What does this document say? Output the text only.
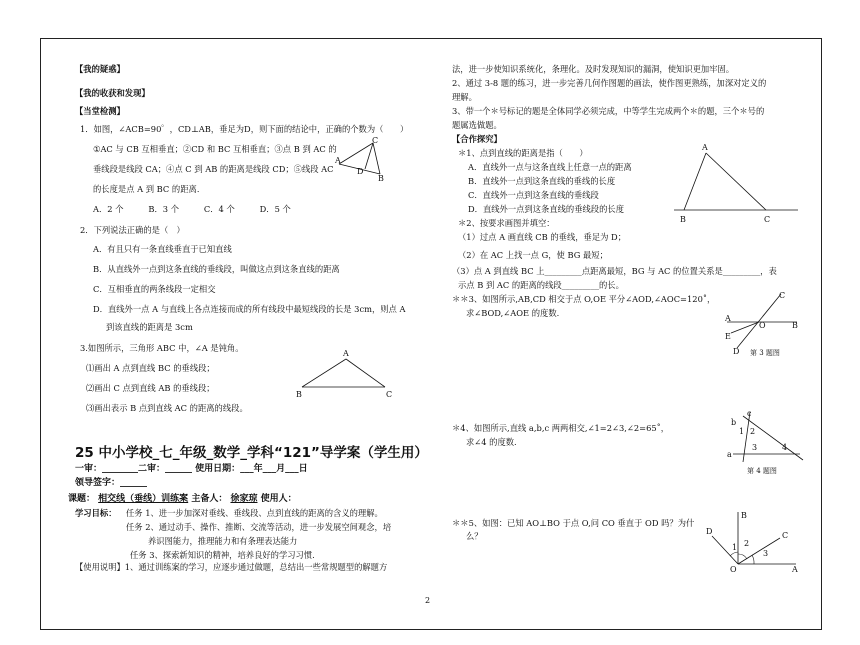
【我的疑惑】
【我的收获和发现】
【当堂检测】
1．如图，∠ACB=90゜，CD⊥AB，垂足为D，则下面的结论中，正确的个数为（　　）
①AC 与 CB 互相垂直；②CD 和 BC 互相垂直；③点 B 到 AC 的
垂线段是线段 CA；④点 C 到 AB 的距离是线段 CD；⑤线段 AC
的长度是点 A 到 BC 的距离．
A．2 个　　　B．3 个　　　C．4 个　　　D．5 个
A
C
D
B
2．下列说法正确的是（　）
A．有且只有一条直线垂直于已知直线
B．从直线外一点到这条直线的垂线段，叫做这点到这条直线的距离
C．互相垂直的两条线段一定相交
D．直线外一点 A 与直线上各点连接而成的所有线段中最短线段的长是 3cm，则点 A
到该直线的距离是 3cm
3.如图所示，三角形 ABC 中，∠A 是钝角。
⑴画出 A 点到直线 BC 的垂线段；
⑵画出 C 点到直线 AB 的垂线段；
⑶画出表示 B 点到直线 AC 的距离的线段。
A
B	C
25 中小学校_七_年级_数学_学科“121”导学案（学生用）
一审：________二审：______ 使用日期：___年___月___日
领导签字：______
课题： 相交线（垂线）训练案 主备人： 徐家琼 使用人：
学习目标： 任务 1、进一步加深对垂线、垂线段、点到直线的距离的含义的理解。
任务 2、通过动手、操作、推断、交流等活动，进一步发展空间观念，培
养识图能力，推理能力和有条理表达能力
任务 3、探索新知识的精神，培养良好的学习习惯.
【使用说明】1、通过训练案的学习，应逐步通过做题，总结出一些常规题型的解题方
法，进一步使知识系统化，条理化。及时发现知识的漏洞，使知识更加牢固。
2、通过 3-8 题的练习，进一步完善几何作图题的画法，使作图更熟练，加深对定义的
理解。
3、带一个＊号标记的题是全体同学必须完成，中等学生完成两个＊的题，三个＊号的
题属选做题。
【合作探究】
＊1、点到直线的距离是指（　　）
A．直线外一点与这条直线上任意一点的距离
B．直线外一点到这条直线的垂线的长度
C．直线外一点到这条直线的垂线段
D．直线外一点到这条直线的垂线段的长度
＊2、按要求画图并填空：
A
B	C
（1）过点 A 画直线 CB 的垂线，垂足为 D；
（2）在 AC 上找一点 G，使 BG 最短；
（3）点 A 到直线 BC 上_________点距离最短，BG 与 AC 的位置关系是_________，表
示点 B 到 AC 的距离的线段_________的长。
＊＊3、如图所示,AB,CD 相交于点 O,OE 平分∠AOD,∠AOC=120˚，
求∠BOD,∠AOE 的度数.
C
A
O	B
E
D 第 3 题图
＊4、如图所示,直线 a,b,c 两两相交,∠1=2∠3,∠2=65˚，
求∠4 的度数.
b
c
a
1 2
3	4
第 4 题图
＊＊5、如图：已知 AO⊥BO 于点 O,问 CO 垂直于 OD 吗？为什
么？
B
D	C
O	A
1 2
3
2
